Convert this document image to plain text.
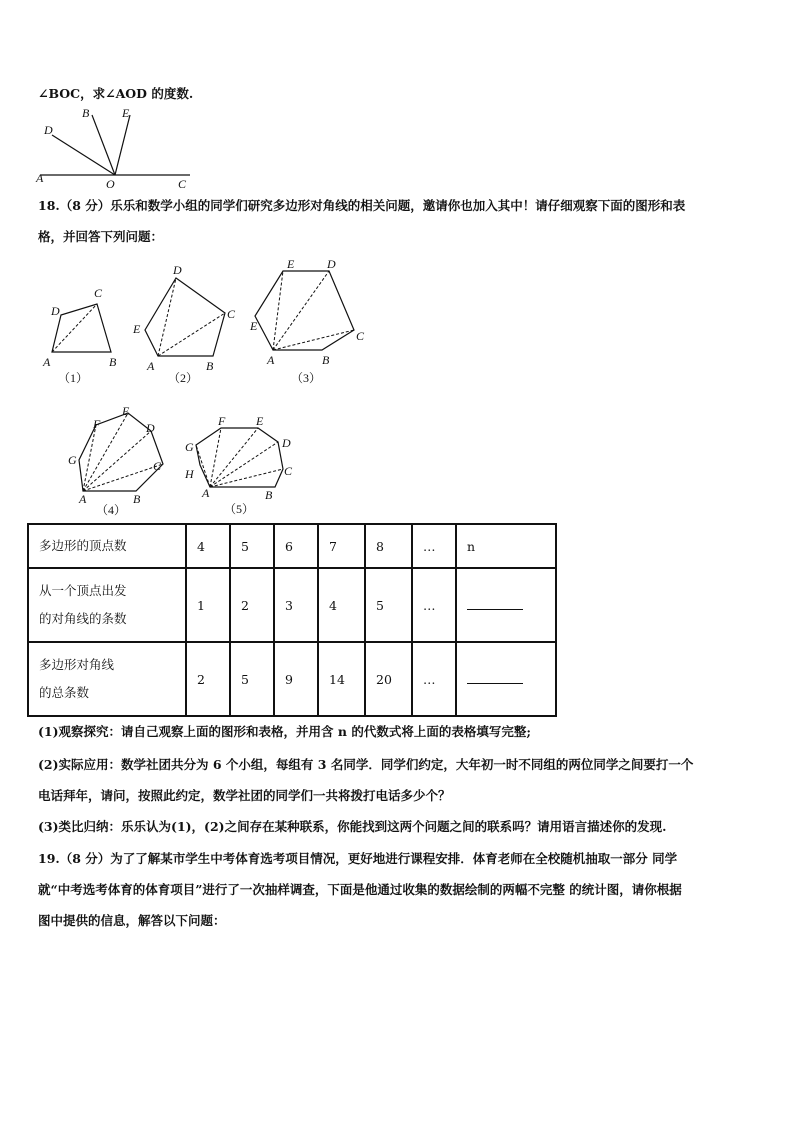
∠BOC，求∠AOD 的度数.
D
B	E
A	O	C
18.（8 分）乐乐和数学小组的同学们研究多边形对角线的相关问题，邀请你也加入其中！请仔细观察下面的图形和表
格，并回答下列问题：
D
C
A	B
（1）
D
C
E
A	B
（2）
E	D
C
E
A	B
（3）
F
E
D
C
G
A	B
（4）
F	E
D
C
G
H
A	B
（5）
多边形的顶点数	4	5	6	7	8	…	n
从一个顶点出发
的对角线的条数	1	2	3	4	5	…	
多边形对角线
的总条数	2	5	9	14	20	…	
(1)观察探究：请自己观察上面的图形和表格，并用含 n 的代数式将上面的表格填写完整;
(2)实际应用：数学社团共分为 6 个小组，每组有 3 名同学．同学们约定，大年初一时不同组的两位同学之间要打一个
电话拜年，请问，按照此约定，数学社团的同学们一共将拨打电话多少个？
(3)类比归纳：乐乐认为(1)，(2)之间存在某种联系，你能找到这两个问题之间的联系吗？请用语言描述你的发现.
19.（8 分）为了了解某市学生中考体育选考项目情况，更好地进行课程安排．体育老师在全校随机抽取一部分 同学
就“中考选考体育的体育项目”进行了一次抽样调查，下面是他通过收集的数据绘制的两幅不完整 的统计图，请你根据
图中提供的信息，解答以下问题：
